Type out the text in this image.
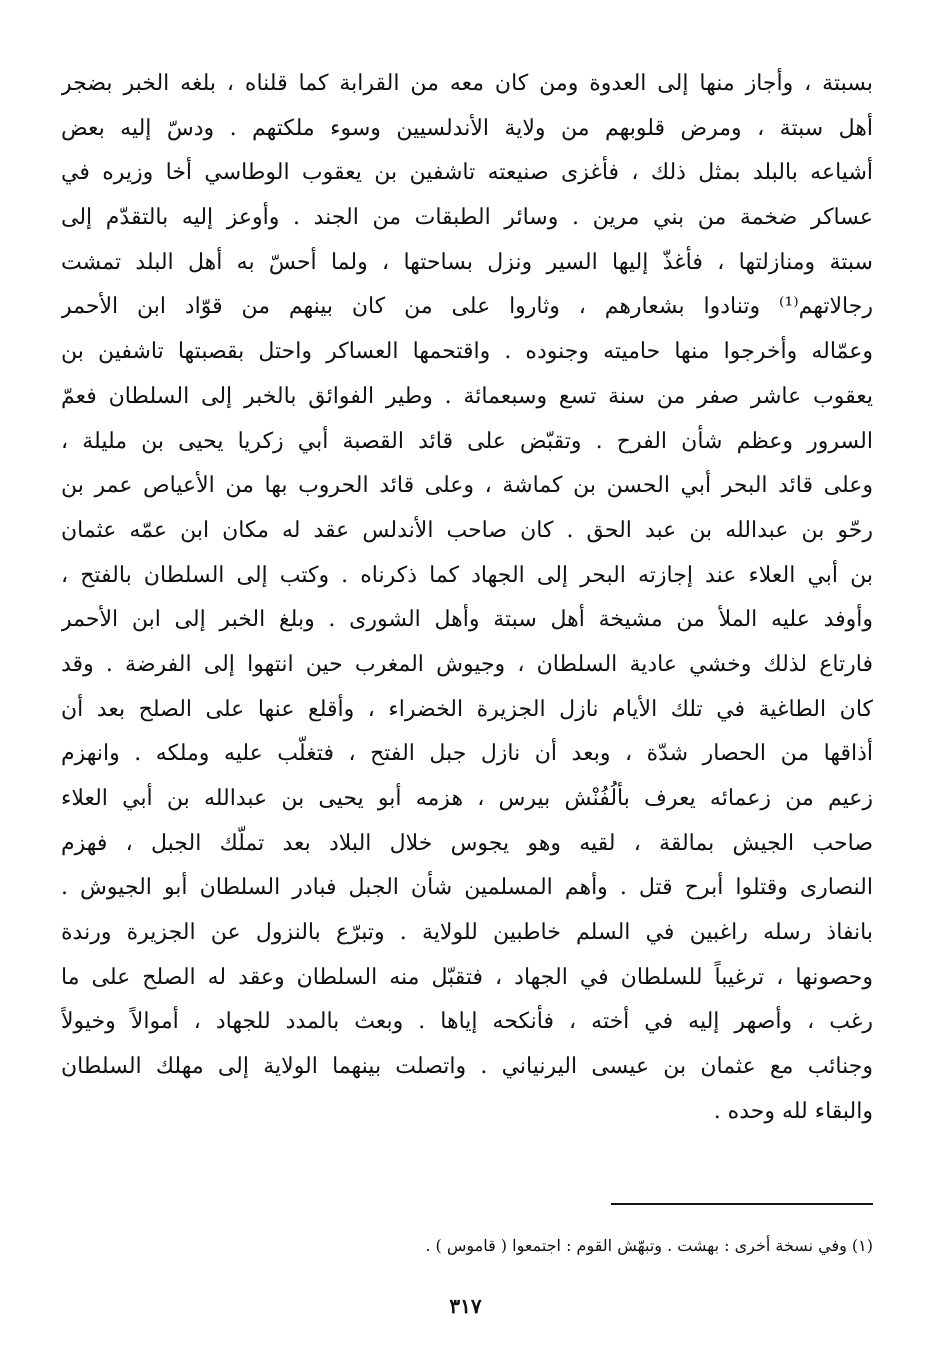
بسبتة ، وأجاز منها إلى العدوة ومن كان معه من القرابة كما قلناه ، بلغه الخبر بضجر
أهل سبتة ، ومرض قلوبهم من ولاية الأندلسيين وسوء ملكتهم . ودسّ إليه بعض
أشياعه بالبلد بمثل ذلك ، فأغزى صنيعته تاشفين بن يعقوب الوطاسي أخا وزيره في
عساكر ضخمة من بني مرين . وسائر الطبقات من الجند . وأوعز إليه بالتقدّم إلى
سبتة ومنازلتها ، فأغذّ إليها السير ونزل بساحتها ، ولما أحسّ به أهل البلد تمشت
رجالاتهم⁽¹⁾ وتنادوا بشعارهم ، وثاروا على من كان بينهم من قوّاد ابن الأحمر
وعمّاله وأخرجوا منها حاميته وجنوده . واقتحمها العساكر واحتل بقصبتها تاشفين بن
يعقوب عاشر صفر من سنة تسع وسبعمائة . وطير الفوائق بالخبر إلى السلطان فعمّ
السرور وعظم شأن الفرح . وتقبّض على قائد القصبة أبي زكريا يحيى بن مليلة ،
وعلى قائد البحر أبي الحسن بن كماشة ، وعلى قائد الحروب بها من الأعياص عمر بن
رحّو بن عبدالله بن عبد الحق . كان صاحب الأندلس عقد له مكان ابن عمّه عثمان
بن أبي العلاء عند إجازته البحر إلى الجهاد كما ذكرناه . وكتب إلى السلطان بالفتح ،
وأوفد عليه الملأ من مشيخة أهل سبتة وأهل الشورى . وبلغ الخبر إلى ابن الأحمر
فارتاع لذلك وخشي عادية السلطان ، وجيوش المغرب حين انتهوا إلى الفرضة . وقد
كان الطاغية في تلك الأيام نازل الجزيرة الخضراء ، وأقلع عنها على الصلح بعد أن
أذاقها من الحصار شدّة ، وبعد أن نازل جبل الفتح ، فتغلّب عليه وملكه . وانهزم
زعيم من زعمائه يعرف بألُفُنْش بيرس ، هزمه أبو يحيى بن عبدالله بن أبي العلاء
صاحب الجيش بمالقة ، لقيه وهو يجوس خلال البلاد بعد تملّك الجبل ، فهزم
النصارى وقتلوا أبرح قتل . وأهم المسلمين شأن الجبل فبادر السلطان أبو الجيوش .
بانفاذ رسله راغبين في السلم خاطبين للولاية . وتبرّع بالنزول عن الجزيرة ورندة
وحصونها ، ترغيباً للسلطان في الجهاد ، فتقبّل منه السلطان وعقد له الصلح على ما
رغب ، وأصهر إليه في أخته ، فأنكحه إياها . وبعث بالمدد للجهاد ، أموالاً وخيولاً
وجنائب مع عثمان بن عيسى اليرنياني . واتصلت بينهما الولاية إلى مهلك السلطان
والبقاء لله وحده .
(١) وفي نسخة أخرى : بهشت . وتبهّش القوم : اجتمعوا ( قاموس ) .
٣١٧
